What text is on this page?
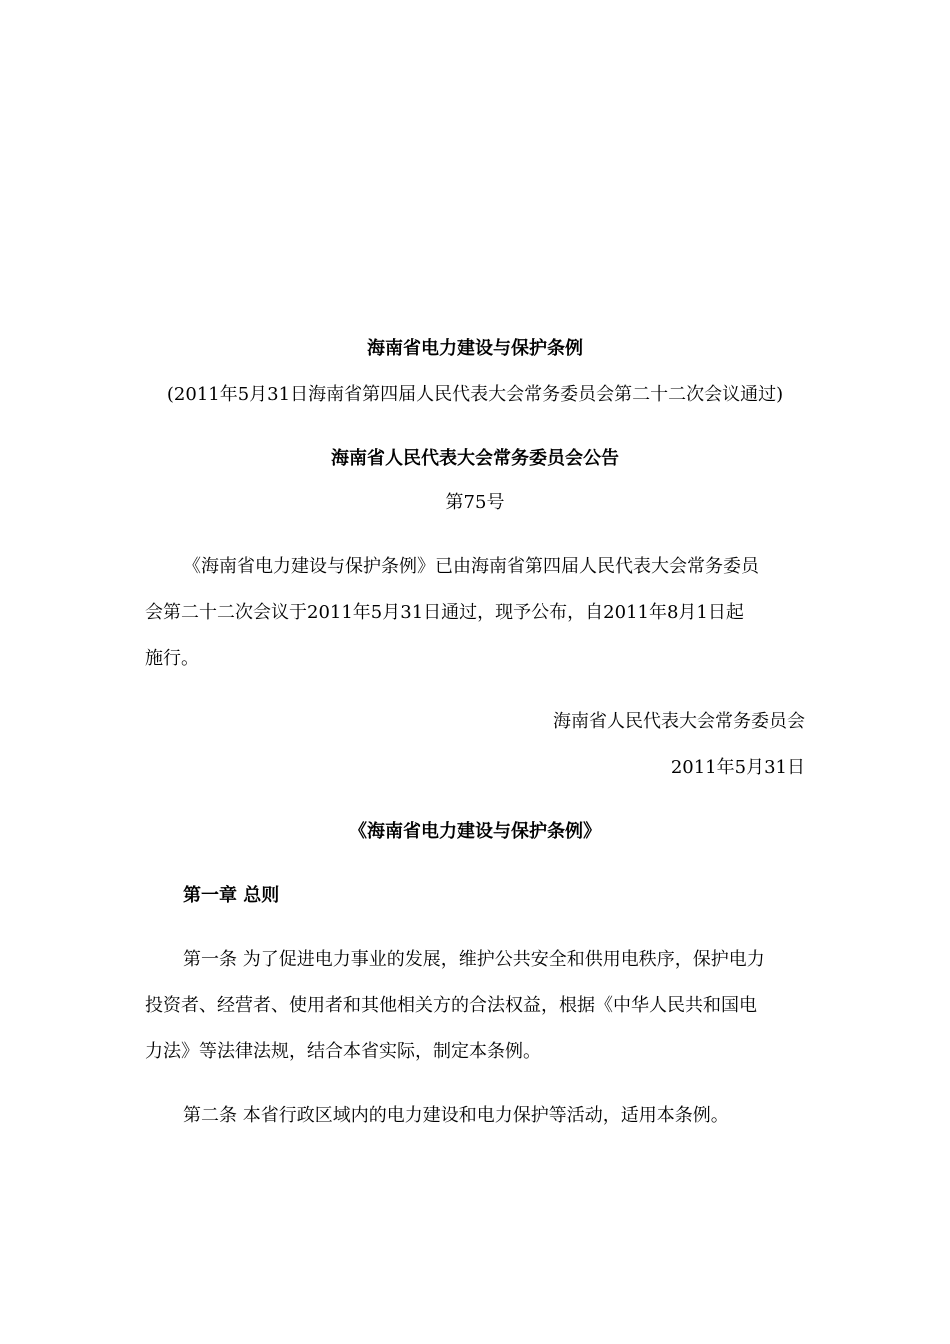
海南省电力建设与保护条例
(2011年5月31日海南省第四届人民代表大会常务委员会第二十二次会议通过)
海南省人民代表大会常务委员会公告
第75号
《海南省电力建设与保护条例》已由海南省第四届人民代表大会常务委员
会第二十二次会议于2011年5月31日通过，现予公布，自2011年8月1日起
施行。
海南省人民代表大会常务委员会
2011年5月31日
《海南省电力建设与保护条例》
第一章 总则
第一条 为了促进电力事业的发展，维护公共安全和供用电秩序，保护电力
投资者、经营者、使用者和其他相关方的合法权益，根据《中华人民共和国电
力法》等法律法规，结合本省实际，制定本条例。
第二条 本省行政区域内的电力建设和电力保护等活动，适用本条例。
